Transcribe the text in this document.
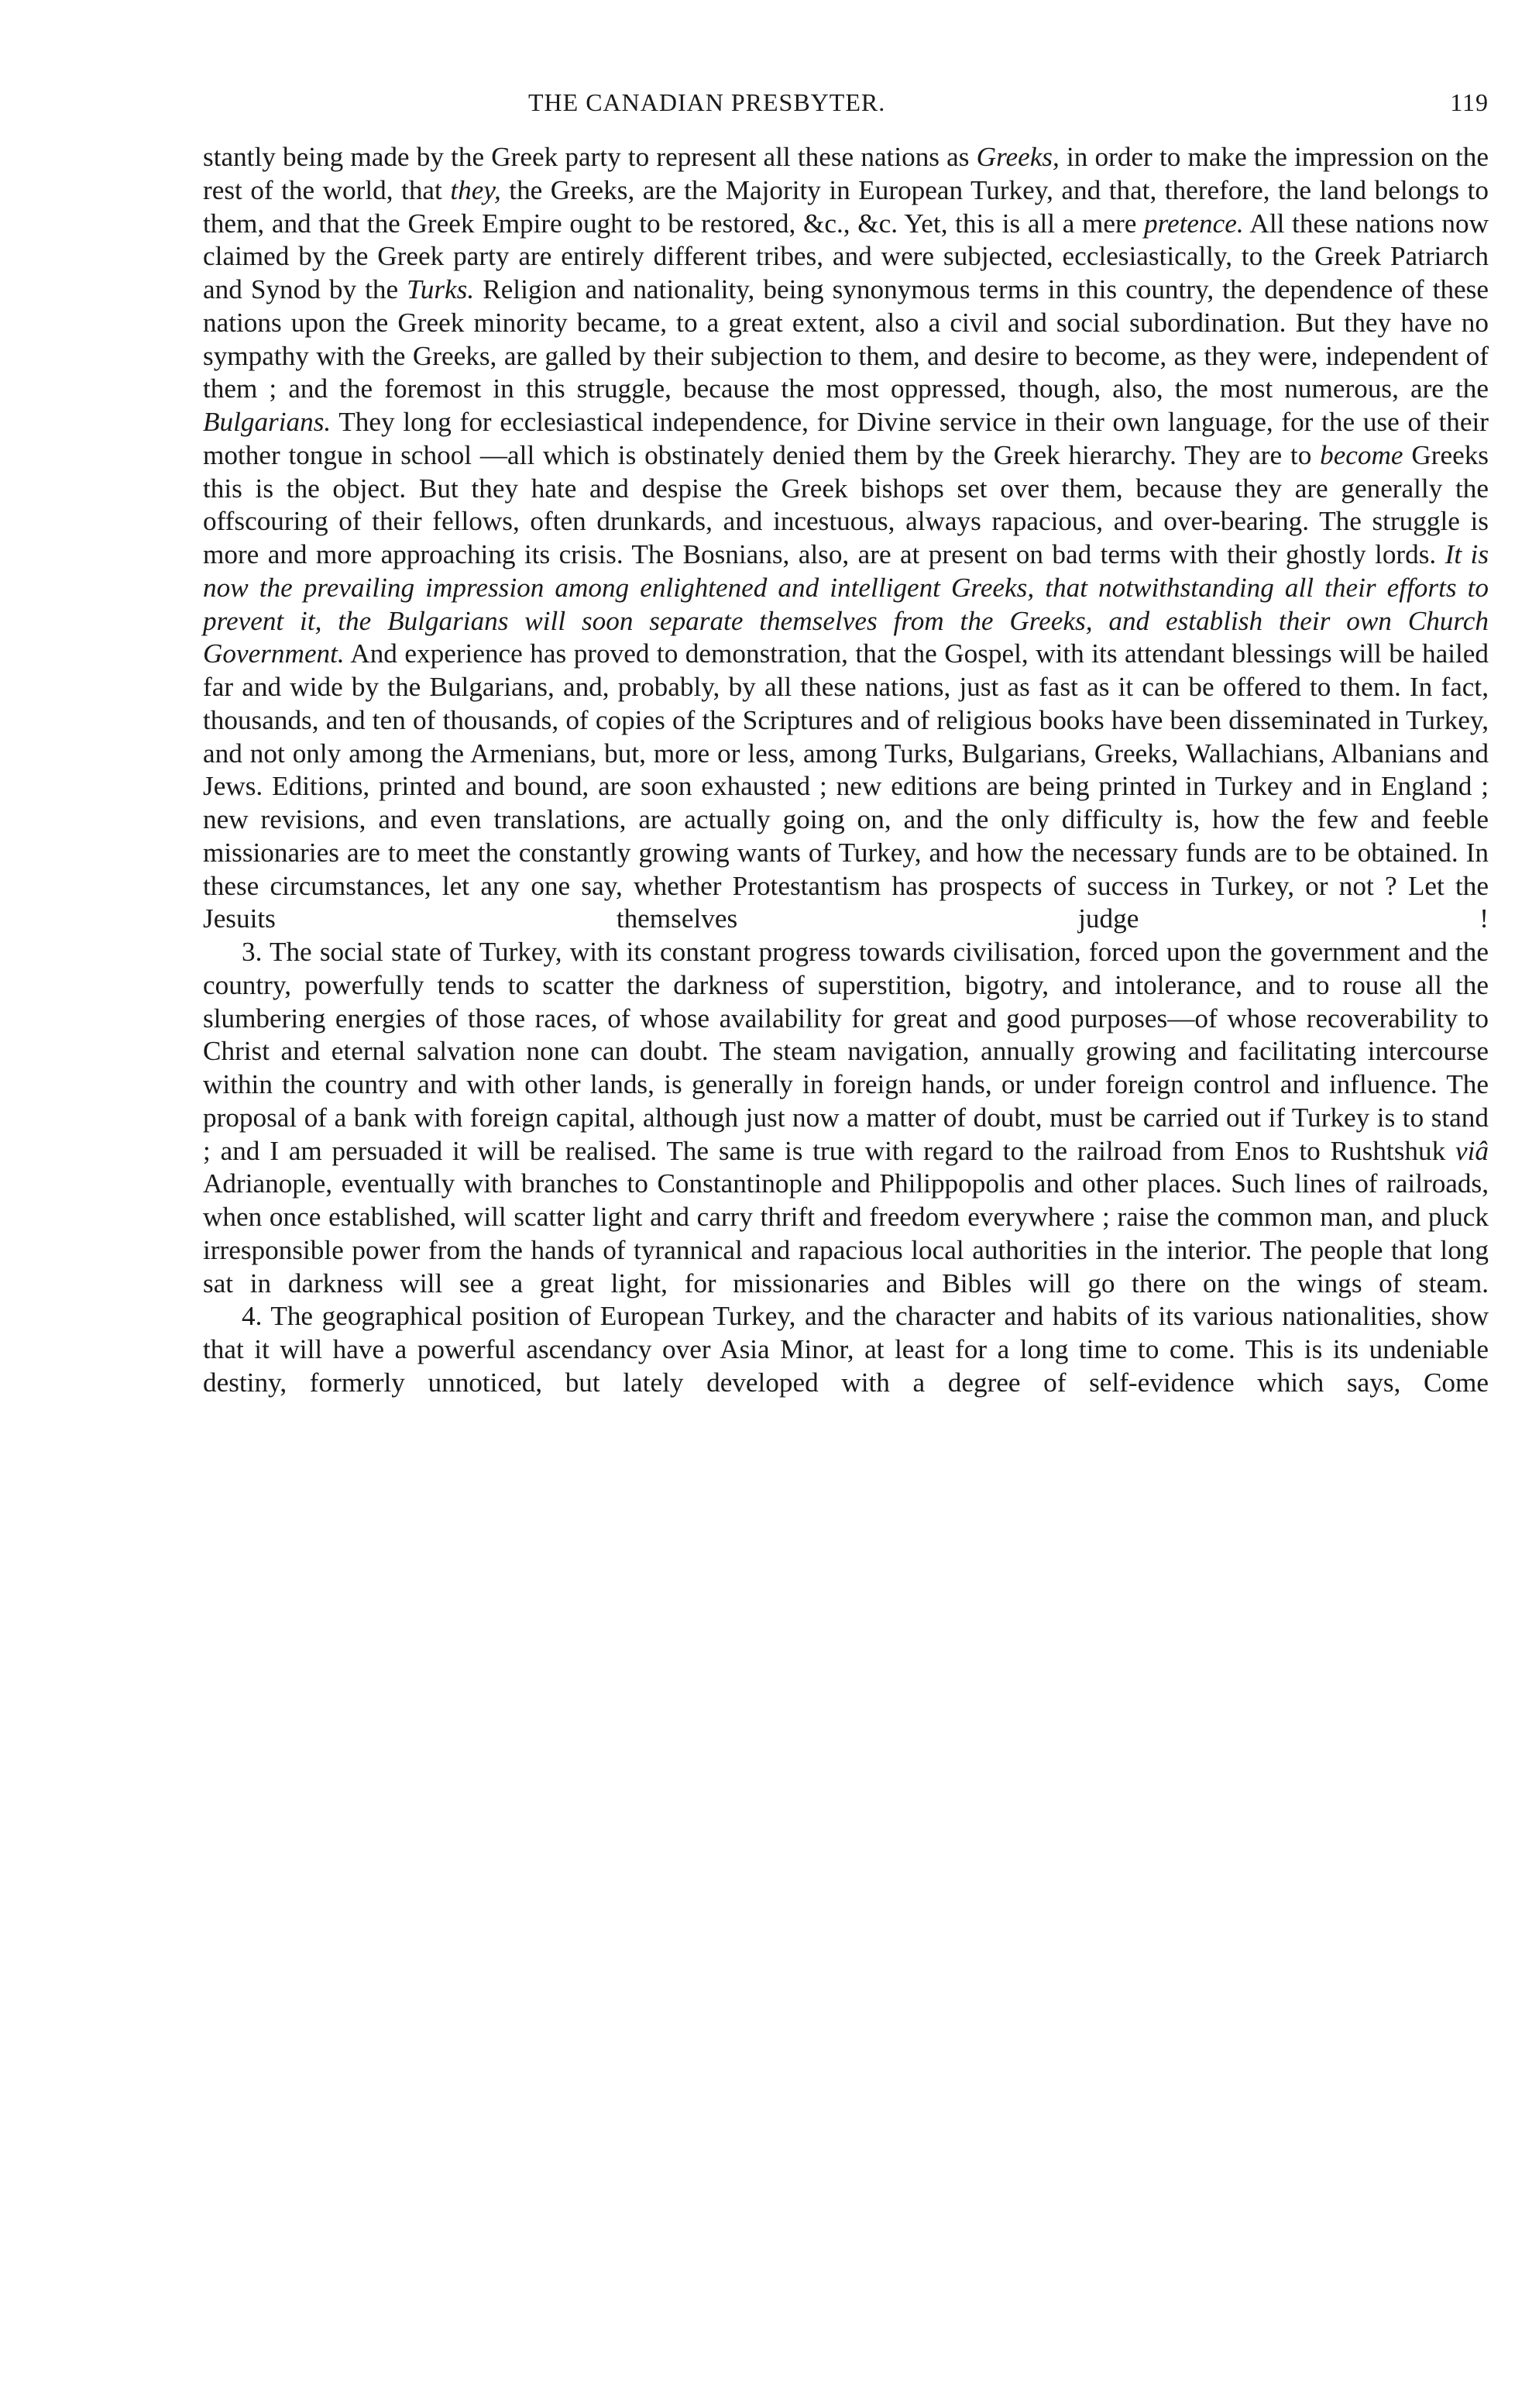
THE CANADIAN PRESBYTER.	119

stantly being made by the Greek party to represent all these nations as Greeks, in order to make the impression on the rest of the world, that they, the Greeks, are the Majority in European Turkey, and that, therefore, the land belongs to them, and that the Greek Empire ought to be restored, &c., &c. Yet, this is all a mere pretence. All these nations now claimed by the Greek party are entirely different tribes, and were subjected, ecclesiastically, to the Greek Patriarch and Synod by the Turks. Religion and nationality, being synonymous terms in this country, the dependence of these nations upon the Greek minority became, to a great extent, also a civil and social subordination. But they have no sympathy with the Greeks, are galled by their subjection to them, and desire to become, as they were, independent of them ; and the foremost in this struggle, because the most oppressed, though, also, the most numerous, are the Bulgarians. They long for ecclesiastical independence, for Divine service in their own language, for the use of their mother tongue in school —all which is obstinately denied them by the Greek hierarchy. They are to become Greeks this is the object. But they hate and despise the Greek bishops set over them, because they are generally the offscouring of their fellows, often drunkards, and incestuous, always rapacious, and over-bearing. The struggle is more and more approaching its crisis. The Bosnians, also, are at present on bad terms with their ghostly lords. It is now the prevailing impression among enlightened and intelligent Greeks, that notwithstanding all their efforts to prevent it, the Bulgarians will soon separate themselves from the Greeks, and establish their own Church Government. And experience has proved to demonstration, that the Gospel, with its attendant blessings will be hailed far and wide by the Bulgarians, and, probably, by all these nations, just as fast as it can be offered to them. In fact, thousands, and ten of thousands, of copies of the Scriptures and of religious books have been disseminated in Turkey, and not only among the Armenians, but, more or less, among Turks, Bulgarians, Greeks, Wallachians, Albanians and Jews. Editions, printed and bound, are soon exhausted ; new editions are being printed in Turkey and in England ; new revisions, and even translations, are actually going on, and the only difficulty is, how the few and feeble missionaries are to meet the constantly growing wants of Turkey, and how the necessary funds are to be obtained. In these circumstances, let any one say, whether Protestantism has prospects of success in Turkey, or not ? Let the Jesuits themselves judge !

3. The social state of Turkey, with its constant progress towards civilisation, forced upon the government and the country, powerfully tends to scatter the darkness of superstition, bigotry, and intolerance, and to rouse all the slumbering energies of those races, of whose availability for great and good purposes—of whose recoverability to Christ and eternal salvation none can doubt. The steam navigation, annually growing and facilitating intercourse within the country and with other lands, is generally in foreign hands, or under foreign control and influence. The proposal of a bank with foreign capital, although just now a matter of doubt, must be carried out if Turkey is to stand ; and I am persuaded it will be realised. The same is true with regard to the railroad from Enos to Rushtshuk viâ Adrianople, eventually with branches to Constantinople and Philippopolis and other places. Such lines of railroads, when once established, will scatter light and carry thrift and freedom everywhere ; raise the common man, and pluck irresponsible power from the hands of tyrannical and rapacious local authorities in the interior. The people that long sat in darkness will see a great light, for missionaries and Bibles will go there on the wings of steam.

4. The geographical position of European Turkey, and the character and habits of its various nationalities, show that it will have a powerful ascendancy over Asia Minor, at least for a long time to come. This is its undeniable destiny, formerly unnoticed, but lately developed with a degree of self-evidence which says, Come
